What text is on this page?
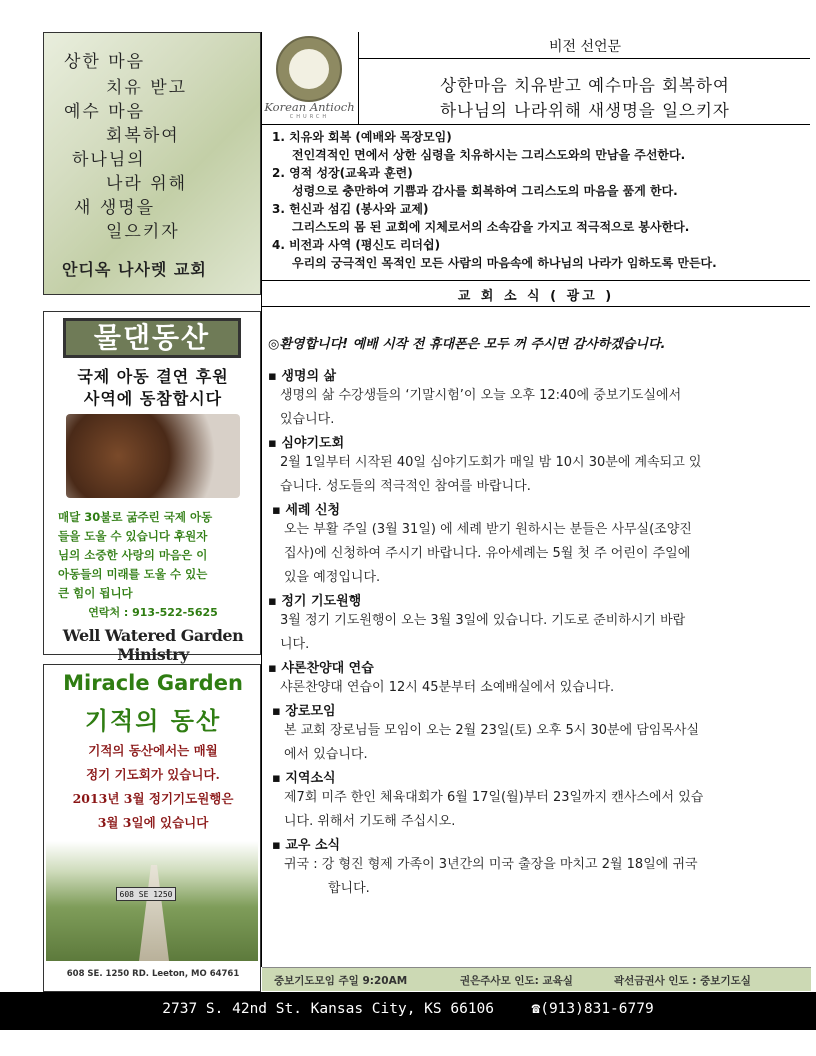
상한 마음
치유 받고
예수 마음
회복하여
하나님의
나라 위해
새 생명을
일으키자
안디옥 나사렛 교회
물댄동산
국제 아동 결연 후원
사역에 동참합시다
매달 30불로 굶주린 국제 아동
들을 도울 수 있습니다 후원자
님의 소중한 사랑의 마음은 이
아동들의 미래를 도울 수 있는
큰 힘이 됩니다
연락처 : 913-522-5625
Well Watered Garden Ministry
Miracle Garden
기적의 동산
기적의 동산에서는 매월
정기 기도회가 있습니다.
2013년 3월 정기기도원행은
3월 3일에 있습니다
608 SE 1250
608 SE. 1250 RD. Leeton, MO 64761
Korean Antioch
CHURCH
비전 선언문
상한마음 치유받고 예수마음 회복하여
하나님의 나라위해 새생명을 일으키자
1. 치유와 회복 (예배와 목장모임)
전인격적인 면에서 상한 심령을 치유하시는 그리스도와의 만남을 주선한다.
2. 영적 성장(교육과 훈련)
성령으로 충만하여 기쁨과 감사를 회복하여 그리스도의 마음을 품게 한다.
3. 헌신과 섬김 (봉사와 교제)
그리스도의 몸 된 교회에 지체로서의 소속감을 가지고 적극적으로 봉사한다.
4. 비전과 사역 (평신도 리더쉽)
우리의 궁극적인 목적인 모든 사람의 마음속에 하나님의 나라가 임하도록 만든다.
교 회 소 식 ( 광고 )
◎환영합니다! 예배 시작 전 휴대폰은 모두 꺼 주시면 감사하겠습니다.
▪ 생명의 삶
생명의 삶 수강생들의 ‘기말시험’이 오늘 오후 12:40에 중보기도실에서
있습니다.
▪ 심야기도회
2월 1일부터 시작된 40일 심야기도회가 매일 밤 10시 30분에 계속되고 있
습니다. 성도들의 적극적인 참여를 바랍니다.
▪ 세례 신청
오는 부활 주일 (3월 31일) 에 세례 받기 원하시는 분들은 사무실(조양진
집사)에 신청하여 주시기 바랍니다. 유아세례는 5월 첫 주 어린이 주일에
있을 예정입니다.
▪ 정기 기도원행
3월 정기 기도원행이 오는 3월 3일에 있습니다. 기도로 준비하시기 바랍
니다.
▪ 샤론찬양대 연습
샤론찬양대 연습이 12시 45분부터 소예배실에서 있습니다.
▪ 장로모임
본 교회 장로님들 모임이 오는 2월 23일(토) 오후 5시 30분에 담임목사실
에서 있습니다.
▪ 지역소식
제7회 미주 한인 체육대회가 6월 17일(월)부터 23일까지 캔사스에서 있습
니다. 위해서 기도해 주십시오.
▪ 교우 소식
귀국 : 강 형진 형제 가족이 3년간의 미국 출장을 마치고 2월 18일에 귀국
합니다.
중보기도모임 주일 9:20AM	권은주사모 인도: 교육실	곽선금권사 인도 : 중보기도실
2737 S. 42nd St. Kansas City, KS 66106	☎(913)831-6779
